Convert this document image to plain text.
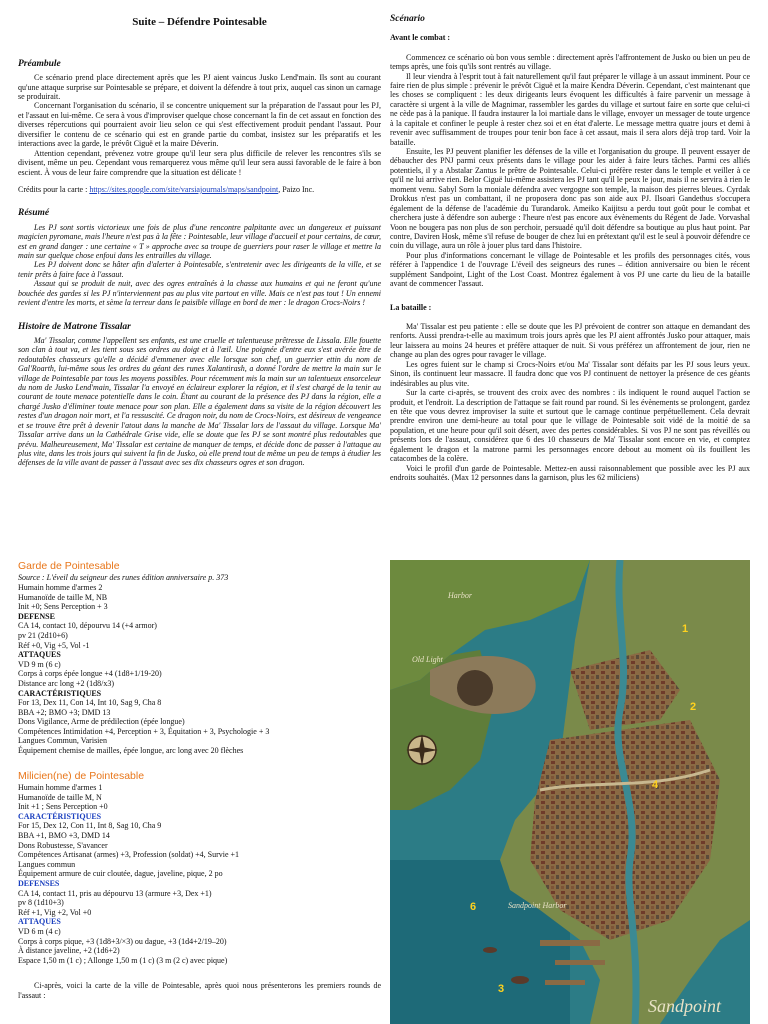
Suite – Défendre Pointesable
Préambule

Ce scénario prend place directement après que les PJ aient vaincus Jusko Lend'main. Ils sont au courant qu'une attaque surprise sur Pointesable se prépare, et doivent la défendre à tout prix, auquel cas sinon un carnage se produirait.

Concernant l'organisation du scénario, il se concentre uniquement sur la préparation de l'assaut pour les PJ, et l'assaut en lui-même. Ce sera à vous d'improviser quelque chose concernant la fin de cet assaut en fonction des diverses répercutions qui pourraient avoir lieu selon ce qui s'est effectivement produit pendant l'assaut. Pour diversifier le contenu de ce scénario qui est en grande partie du combat, insistez sur les préparatifs et les interactions avec la garde, le prévôt Ciguë et la maire Déverin.

Attention cependant, prévenez votre groupe qu'il leur sera plus difficile de relever les rencontres s'ils se divisent, même un peu. Cependant vous remarquerez vous même qu'il leur sera aussi favorable de le faire à bon escient. À vous de leur faire comprendre que la situation est délicate !

Crédits pour la carte : https://sites.google.com/site/varsiajournals/maps/sandpoint, Paizo Inc.

Résumé

Les PJ sont sortis victorieux une fois de plus d'une rencontre palpitante avec un dangereux et puissant magicien pyromane, mais l'heure n'est pas à la fête : Pointesable, leur village d'accueil et pour certains, de cœur, est en grand danger : une certaine « T » approche avec sa troupe de guerriers pour raser le village et mettre la main sur quelque chose enfoui dans les entrailles du village.

Les PJ doivent donc se hâter afin d'alerter à Pointesable, s'entretenir avec les dirigeants de la ville, et se tenir prêts à faire face à l'assaut.

Assaut qui se produit de nuit, avec des ogres entraînés à la chasse aux humains et qui ne feront qu'une bouchée des gardes si les PJ n'interviennent pas au plus vite partout en ville. Mais ce n'est pas tout ! Un ennemi revient d'entre les morts, et sème la terreur dans le paisible village en bord de mer : le dragon Crocs-Noirs !

Histoire de Matrone Tissalar

Ma' Tissalar, comme l'appellent ses enfants, est une cruelle et talentueuse prêtresse de Lissala. Elle fouette son clan à tout va, et les tient sous ses ordres au doigt et à l'œil. Une poignée d'entre eux s'est avérée être de redoutables chasseurs qu'elle a décidé d'emmener avec elle lorsque son chef, un guerrier ettin du nom de Gal'Roarth, lui-même sous les ordres du géant des runes Xalantirash, a donné l'ordre de mettre la main sur le village de Pointesable par tous les moyens possibles. Pour récemment mis la main sur un talentueux ensorceleur du nom de Jusko Lend'main, Tissalar l'a envoyé en éclaireur explorer la région, et il s'est chargé de la tenir au courant de toute menace potentielle dans le coin. Étant au courant de la présence des PJ dans la région, elle a chargé Jusko d'éliminer toute menace pour son plan. Elle a également dans sa visite de la région découvert les restes d'un dragon noir mort, et l'a ressuscité. Ce dragon noir, du nom de Crocs-Noirs, est désireux de vengeance et se trouve être prêt à devenir l'atout dans la manche de Ma' Tissalar lors de l'assaut du village. Lorsque Ma' Tissalar arrive dans un la Cathédrale Grise vide, elle se doute que les PJ se sont montré plus redoutables que prévu. Malheureusement, Ma' Tissalar est certaine de manquer de temps, et décide donc de passer à l'attaque au plus vite, dans les trois jours qui suivent la fin de Jusko, où elle prend tout de même un peu de temps à étudier les défenses de la ville avant de passer à l'assaut avec ses dix chasseurs ogres et son dragon.

Scénario

Avant le combat :

Commencez ce scénario où bon vous semble : directement après l'affrontement de Jusko ou bien un peu de temps après, une fois qu'ils sont rentrés au village.

Il leur viendra à l'esprit tout à fait naturellement qu'il faut préparer le village à un assaut imminent. Pour ce faire rien de plus simple : prévenir le prévôt Ciguë et la maire Kendra Déverin. Cependant, c'est maintenant que les choses se compliquent : les deux dirigeants leurs évoquent les difficultés à faire parvenir un message à caractère si urgent à la ville de Magnimar, rassembler les gardes du village et surtout faire en sorte que celui-ci ne cède pas à la panique. Il faudra instaurer la loi martiale dans le village, envoyer un messager de toute urgence à la capitale et confiner le peuple à rester chez soi et en état d'alerte. Le message mettra quatre jours et demi à revenir avec suffisamment de troupes pour tenir bon face à cet assaut, mais il sera alors déjà trop tard. Voir la bataille.

Ensuite, les PJ peuvent planifier les défenses de la ville et l'organisation du groupe. Il peuvent essayer de débaucher des PNJ parmi ceux présents dans le village pour les aider à faire leurs tâches. Parmi ces alliés potentiels, il y a Abstalar Zantus le prêtre de Pointesable. Celui-ci préfère rester dans le temple et veiller à ce qu'il ne lui arrive rien. Belor Ciguë lui-même assistera les PJ tant qu'il le peux le jour, mais il ne servira à rien le moment venu. Sabyl Sorn la moniale défendra avec vergogne son temple, la maison des pierres bleues. Cyrdak Drokkus n'est pas un combattant, il ne proposera donc pas son aide aux PJ. Ilsoari Gandethus s'occupera également de la défense de l'académie du Turandarok. Ameiko Kaijitsu a perdu tout goût pour le combat et cherchera juste à défendre son auberge : l'heure n'est pas encore aux évènements du Régent de Jade. Vorvashal Voon ne bougera pas non plus de son perchoir, persuadé qu'il doit défendre sa boutique au plus haut point. Par contre, Daviren Hosk, même s'il refuse de bouger de chez lui en prétextant qu'il est le seul à pouvoir défendre ce coin du village, aura un rôle à jouer plus tard dans l'histoire.

Pour plus d'informations concernant le village de Pointesable et les profils des personnages cités, vous référer à l'appendice 1 de l'ouvrage L'éveil des seigneurs des runes – édition anniversaire ou bien le récent supplément Sandpoint, Light of the Lost Coast. Montrez également à vos PJ une carte du lieu de la bataille avant de commencer l'assaut.

La bataille :

Ma' Tissalar est peu patiente : elle se doute que les PJ prévoient de contrer son attaque en demandant des renforts. Aussi prendra-t-elle au maximum trois jours après que les PJ aient affrontés Jusko pour attaquer, mais leur laissera au moins 24 heures et préfère attaquer de nuit. Si vous préférez un affrontement de jour, rien ne change au plan des ogres pour ravager le village.

Les ogres fuient sur le champ si Crocs-Noirs et/ou Ma' Tissalar sont défaits par les PJ sous leurs yeux. Sinon, ils continuent leur massacre. Il faudra donc que vos PJ continuent de nettoyer la présence de ces géants indésirables au plus vite.

Sur la carte ci-après, se trouvent des croix avec des nombres : ils indiquent le round auquel l'action se produit, et l'endroit. La description de l'attaque se fait round par round. Si les évènements se prolongent, gardez en tête que vous devrez improviser la suite et surtout que le carnage continue perpétuellement. Cela devrait prendre environ une demi-heure au total pour que le village de Pointesable soit vidé de la moitié de sa population, et une heure pour qu'il soit désert, avec des pertes considérables. Si vos PJ ne sont pas réveillés ou présents lors de l'assaut, considérez que 6 des 10 chasseurs de Ma' Tissalar sont encore en vie, et comptez également le dragon et la matrone parmi les personnages encore debout au moment où ils fouillent les catacombes de la colère.

Voici le profil d'un garde de Pointesable. Mettez-en aussi raisonnablement que possible avec les PJ aux endroits souhaités. (Max 12 personnes dans la garnison, plus les 62 miliciens)

Garde de Pointesable

Source : L'éveil du seigneur des runes édition anniversaire p. 373

Humain homme d'armes 2

Humanoïde de taille M, NB

Init +0; Sens Perception + 3

DEFENSE

CA 14, contact 10, dépourvu 14 (+4 armor)

pv 21 (2d10+6)

Réf +0, Vig +5, Vol -1

ATTAQUES

VD 9 m (6 c)

Corps à corps épée longue +4 (1d8+1/19-20)

Distance arc long +2 (1d8/x3)

CARACTÉRISTIQUES

For 13, Dex 11, Con 14, Int 10, Sag 9, Cha 8

BBA +2; BMO +3; DMD 13

Dons Vigilance, Arme de prédilection (épée longue)

Compétences Intimidation +4, Perception + 3, Équitation + 3, Psychologie + 3

Langues Commun, Varisien

Équipement chemise de mailles, épée longue, arc long avec 20 flèches

Milicien(ne) de Pointesable

Humain homme d'armes 1

Humanoïde de taille M, N

Init +1 ; Sens Perception +0

CARACTÉRISTIQUES

For 15, Dex 12, Con 11, Int 8, Sag 10, Cha 9

BBA +1, BMO +3, DMD 14

Dons Robustesse, S'avancer

Compétences Artisanat (armes) +3, Profession (soldat) +4, Survie +1

Langues commun

Équipement armure de cuir cloutée, dague, javeline, pique, 2 po

DEFENSES

CA 14, contact 11, pris au dépourvu 13 (armure +3, Dex +1)

pv 8 (1d10+3)

Réf +1, Vig +2, Vol +0

ATTAQUES

VD 6 m (4 c)

Corps à corps pique, +3 (1d8+3/×3) ou dague, +3 (1d4+2/19–20)

À distance javeline, +2 (1d6+2)

Espace 1,50 m (1 c) ; Allonge 1,50 m (1 c) (3 m (2 c) avec pique)

Ci-après, voici la carte de la ville de Pointesable, après quoi nous présenterons les premiers rounds de l'assaut :

1
2
3
4
6
Harbor
Sandpoint Harbor
Old Light
Sandpoint
